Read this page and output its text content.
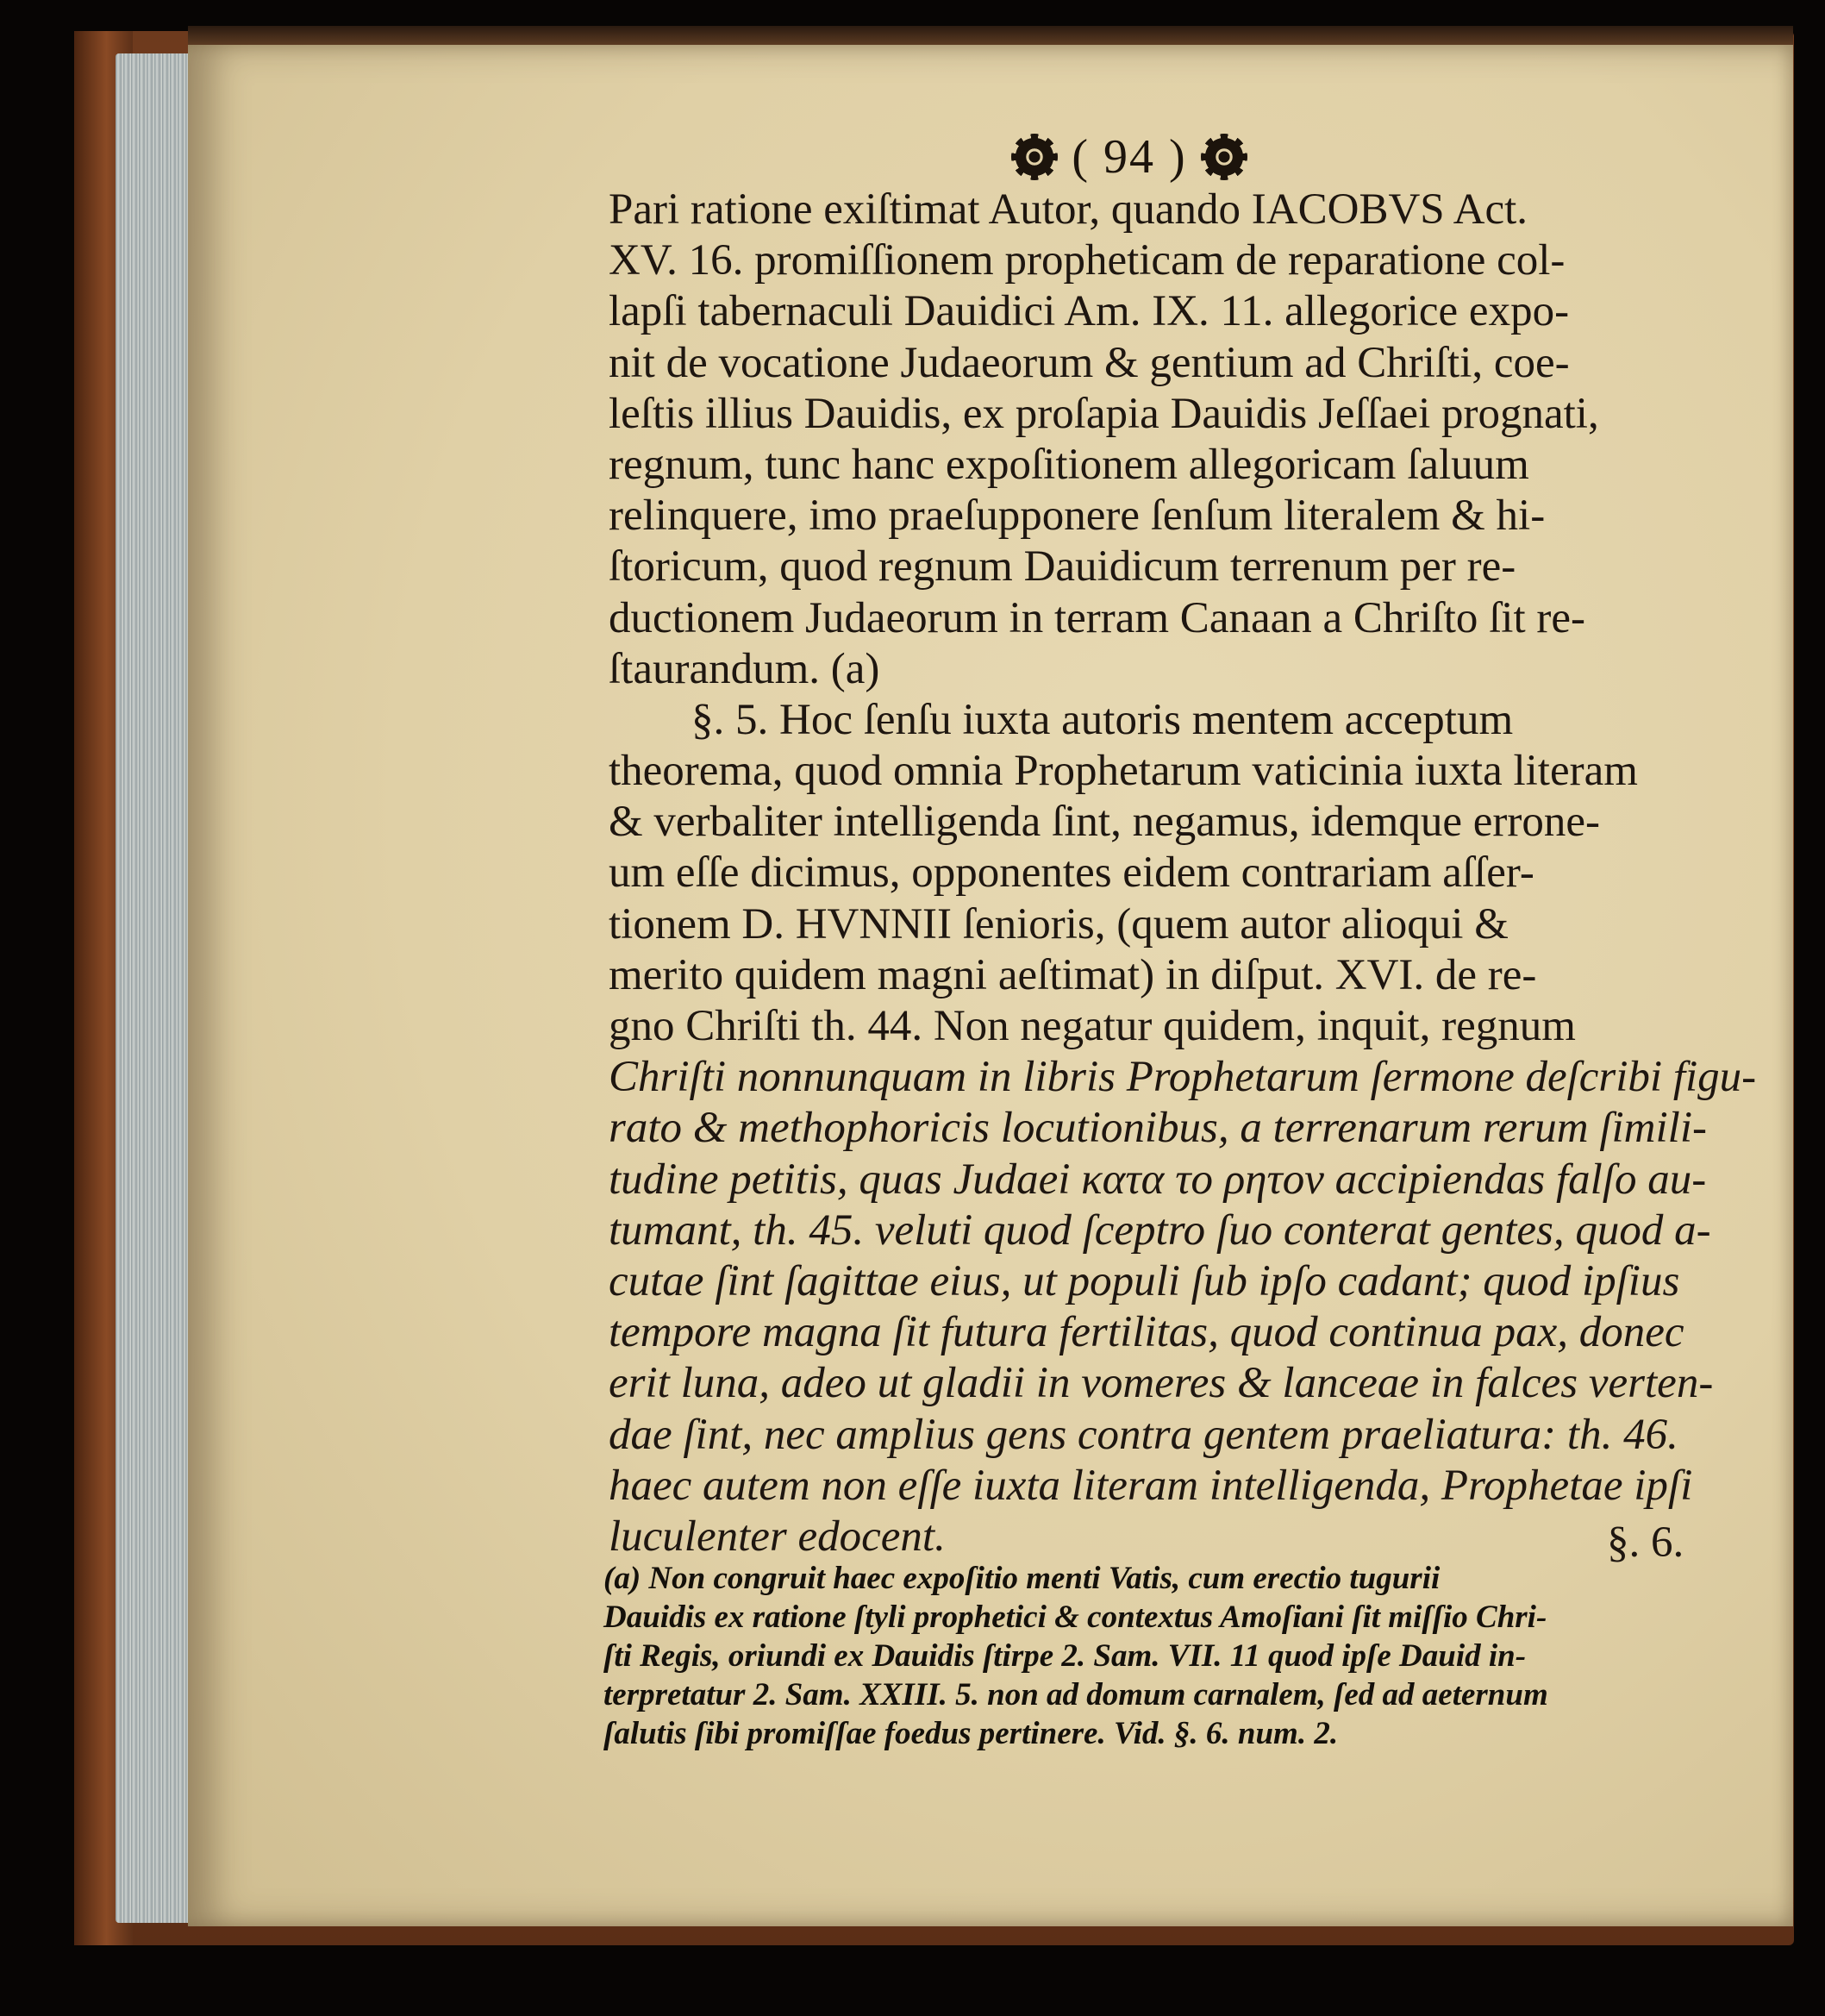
( 94 )
Pari ratione exiſtimat Autor, quando IACOBVS Act.
XV. 16. promiſſionem propheticam de reparatione col-
lapſi tabernaculi Dauidici Am. IX. 11. allegorice expo-
nit de vocatione Judaeorum & gentium ad Chriſti, coe-
leſtis illius Dauidis, ex proſapia Dauidis Jeſſaei prognati,
regnum, tunc hanc expoſitionem allegoricam ſaluum
relinquere, imo praeſupponere ſenſum literalem & hi-
ſtoricum, quod regnum Dauidicum terrenum per re-
ductionem Judaeorum in terram Canaan a Chriſto ſit re-
ſtaurandum. (a)
§. 5. Hoc ſenſu iuxta autoris mentem acceptum
theorema, quod omnia Prophetarum vaticinia iuxta literam
& verbaliter intelligenda ſint, negamus, idemque errone-
um eſſe dicimus, opponentes eidem contrariam aſſer-
tionem D. HVNNII ſenioris, (quem autor alioqui &
merito quidem magni aeſtimat) in diſput. XVI. de re-
gno Chriſti th. 44. Non negatur quidem, inquit, regnum
Chriſti nonnunquam in libris Prophetarum ſermone deſcribi figu-
rato & methophoricis locutionibus, a terrenarum rerum ſimili-
tudine petitis, quas Judaei κατα το ρητον accipiendas falſo au-
tumant, th. 45. veluti quod ſceptro ſuo conterat gentes, quod a-
cutae ſint ſagittae eius, ut populi ſub ipſo cadant; quod ipſius
tempore magna ſit futura fertilitas, quod continua pax, donec
erit luna, adeo ut gladii in vomeres & lanceae in falces verten-
dae ſint, nec amplius gens contra gentem praeliatura: th. 46.
haec autem non eſſe iuxta literam intelligenda, Prophetae ipſi
luculenter edocent.	§. 6.
(a) Non congruit haec expoſitio menti Vatis, cum erectio tugurii
Dauidis ex ratione ſtyli prophetici & contextus Amoſiani ſit miſſio Chri-
ſti Regis, oriundi ex Dauidis ſtirpe 2. Sam. VII. 11 quod ipſe Dauid in-
terpretatur 2. Sam. XXIII. 5. non ad domum carnalem, ſed ad aeternum
ſalutis ſibi promiſſae foedus pertinere. Vid. §. 6. num. 2.
